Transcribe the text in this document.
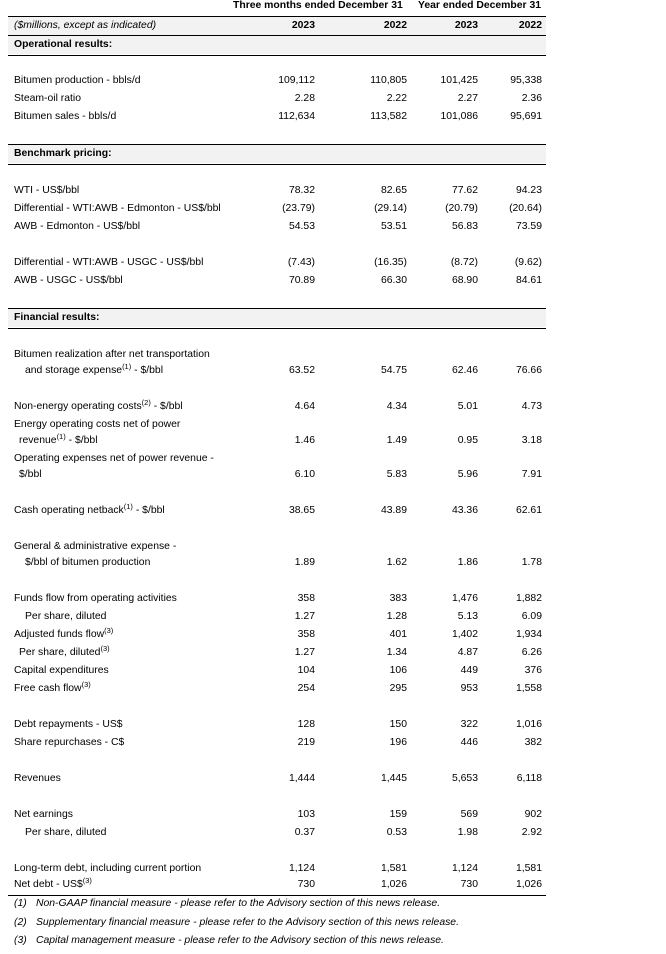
Three months ended December 31 Year ended December 31
($millions, except as indicated)	2023	2022	2023	2022
Operational results:
Bitumen production - bbls/d	109,112	110,805	101,425	95,338
Steam-oil ratio	2.28	2.22	2.27	2.36
Bitumen sales - bbls/d	112,634	113,582	101,086	95,691
Benchmark pricing:
WTI - US$/bbl	78.32	82.65	77.62	94.23
Differential - WTI:AWB - Edmonton - US$/bbl	(23.79)	(29.14)	(20.79)	(20.64)
AWB - Edmonton - US$/bbl	54.53	53.51	56.83	73.59
Differential - WTI:AWB - USGC - US$/bbl	(7.43)	(16.35)	(8.72)	(9.62)
AWB - USGC - US$/bbl	70.89	66.30	68.90	84.61
Financial results:
Bitumen realization after net transportation
and storage expense$^{(1)}$ - $/bbl	63.52	54.75	62.46	76.66
Non-energy operating costs$^{(2)}$ - $/bbl	4.64	4.34	5.01	4.73
Energy operating costs net of power
revenue$^{(1)}$ - $/bbl	1.46	1.49	0.95	3.18
Operating expenses net of power revenue -
$/bbl	6.10	5.83	5.96	7.91
Cash operating netback$^{(1)}$ - $/bbl	38.65	43.89	43.36	62.61
General & administrative expense -
$/bbl of bitumen production	1.89	1.62	1.86	1.78
Funds flow from operating activities	358	383	1,476	1,882
Per share, diluted	1.27	1.28	5.13	6.09
Adjusted funds flow$^{(3)}$	358	401	1,402	1,934
Per share, diluted$^{(3)}$	1.27	1.34	4.87	6.26
Capital expenditures	104	106	449	376
Free cash flow$^{(3)}$	254	295	953	1,558
Debt repayments - US$	128	150	322	1,016
Share repurchases - C$	219	196	446	382
Revenues	1,444	1,445	5,653	6,118
Net earnings	103	159	569	902
Per share, diluted	0.37	0.53	1.98	2.92
Long-term debt, including current portion	1,124	1,581	1,124	1,581
Net debt - US\$$^{(3)}$	730	1,026	730	1,026
(1) Non-GAAP financial measure - please refer to the Advisory section of this news release.
(2) Supplementary financial measure - please refer to the Advisory section of this news release.
(3) Capital management measure - please refer to the Advisory section of this news release.
